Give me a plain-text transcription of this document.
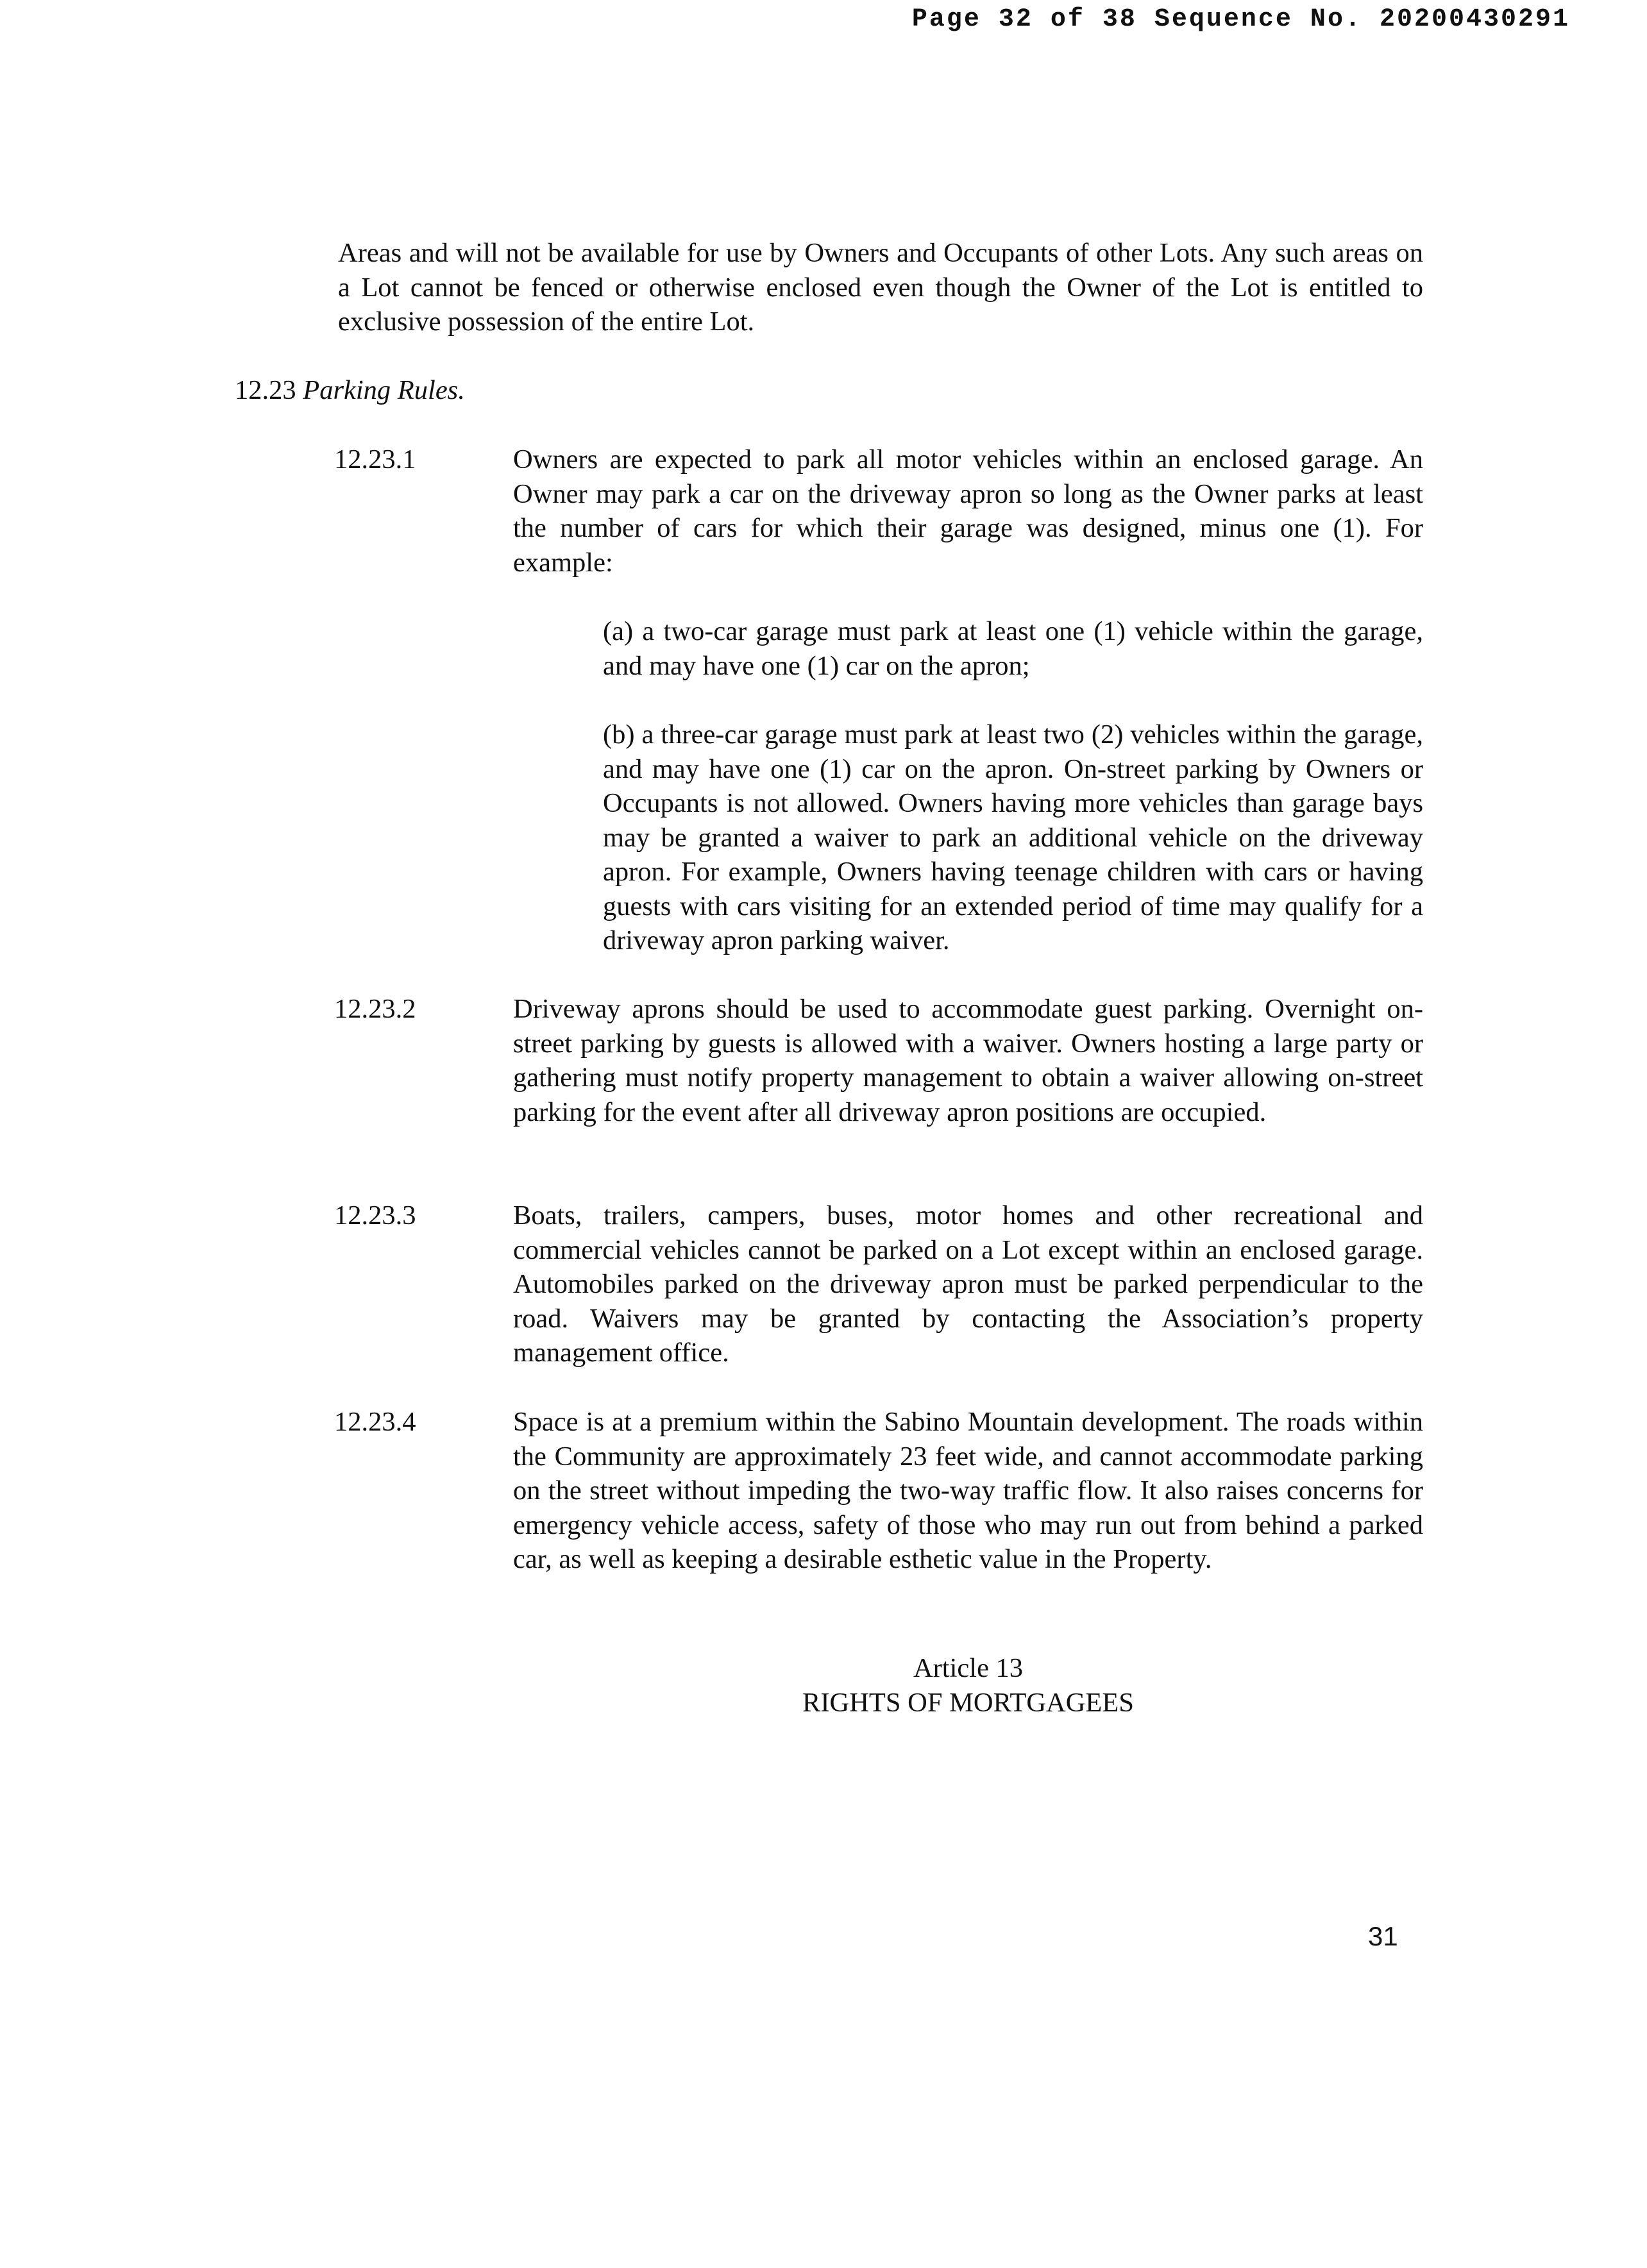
Page 32 of 38 Sequence No. 20200430291
Areas and will not be available for use by Owners and Occupants of other Lots. Any such areas on a Lot cannot be fenced or otherwise enclosed even though the Owner of the Lot is entitled to exclusive possession of the entire Lot.
12.23 Parking Rules.
12.23.1	Owners are expected to park all motor vehicles within an enclosed garage. An Owner may park a car on the driveway apron so long as the Owner parks at least the number of cars for which their garage was designed, minus one (1). For example:
(a) a two-car garage must park at least one (1) vehicle within the garage, and may have one (1) car on the apron;
(b) a three-car garage must park at least two (2) vehicles within the garage, and may have one (1) car on the apron. On-street parking by Owners or Occupants is not allowed. Owners having more vehicles than garage bays may be granted a waiver to park an additional vehicle on the driveway apron. For example, Owners having teenage children with cars or having guests with cars visiting for an extended period of time may qualify for a driveway apron parking waiver.
12.23.2	Driveway aprons should be used to accommodate guest parking. Overnight on-street parking by guests is allowed with a waiver. Owners hosting a large party or gathering must notify property management to obtain a waiver allowing on-street parking for the event after all driveway apron positions are occupied.
12.23.3	Boats, trailers, campers, buses, motor homes and other recreational and commercial vehicles cannot be parked on a Lot except within an enclosed garage. Automobiles parked on the driveway apron must be parked perpendicular to the road. Waivers may be granted by contacting the Association’s property management office.
12.23.4	Space is at a premium within the Sabino Mountain development. The roads within the Community are approximately 23 feet wide, and cannot accommodate parking on the street without impeding the two-way traffic flow. It also raises concerns for emergency vehicle access, safety of those who may run out from behind a parked car, as well as keeping a desirable esthetic value in the Property.
Article 13
RIGHTS OF MORTGAGEES
31
